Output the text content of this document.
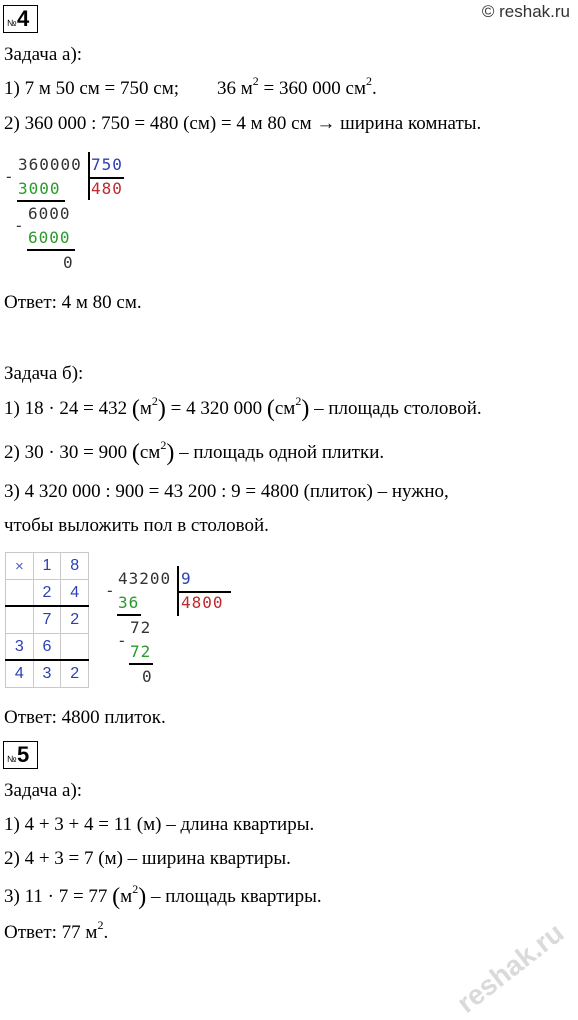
№ 4	© reshak.ru
Задача а):
1) 7 м 50 см = 750 см; 36 $м^2 = 360$ 000 $см^2$.
2) 360 000 : 750 = 480 (см) = 4 м 80 см → ширина комнаты.
360000 750
480
-
3000
6000
-
6000
0
Ответ: 4 м 80 см.
Задача б):
1) 18 · 24 = 432 $(м^2) = 4$ 320 000 $(см^2)$ – площадь столовой.
2) 30 · 30 = 900 $(см^2)$ – площадь одной плитки.
3) 4 320 000 : 900 = 43 200 : 9 = 4800 (плиток) – нужно,
чтобы выложить пол в столовой.
×	1	8
	2	4
	7	2
3	6	
4	3	2
43200 9
4800
-
36
72
-
72
0
Ответ: 4800 плиток.
№ 5
Задача а):
1) 4 + 3 + 4 = 11 (м) – длина квартиры.
2) 4 + 3 = 7 (м) – ширина квартиры.
3) 11 · 7 = 77 $(м^2)$ – площадь квартиры.
Ответ: 77 $м^2$.	reshak.ru
